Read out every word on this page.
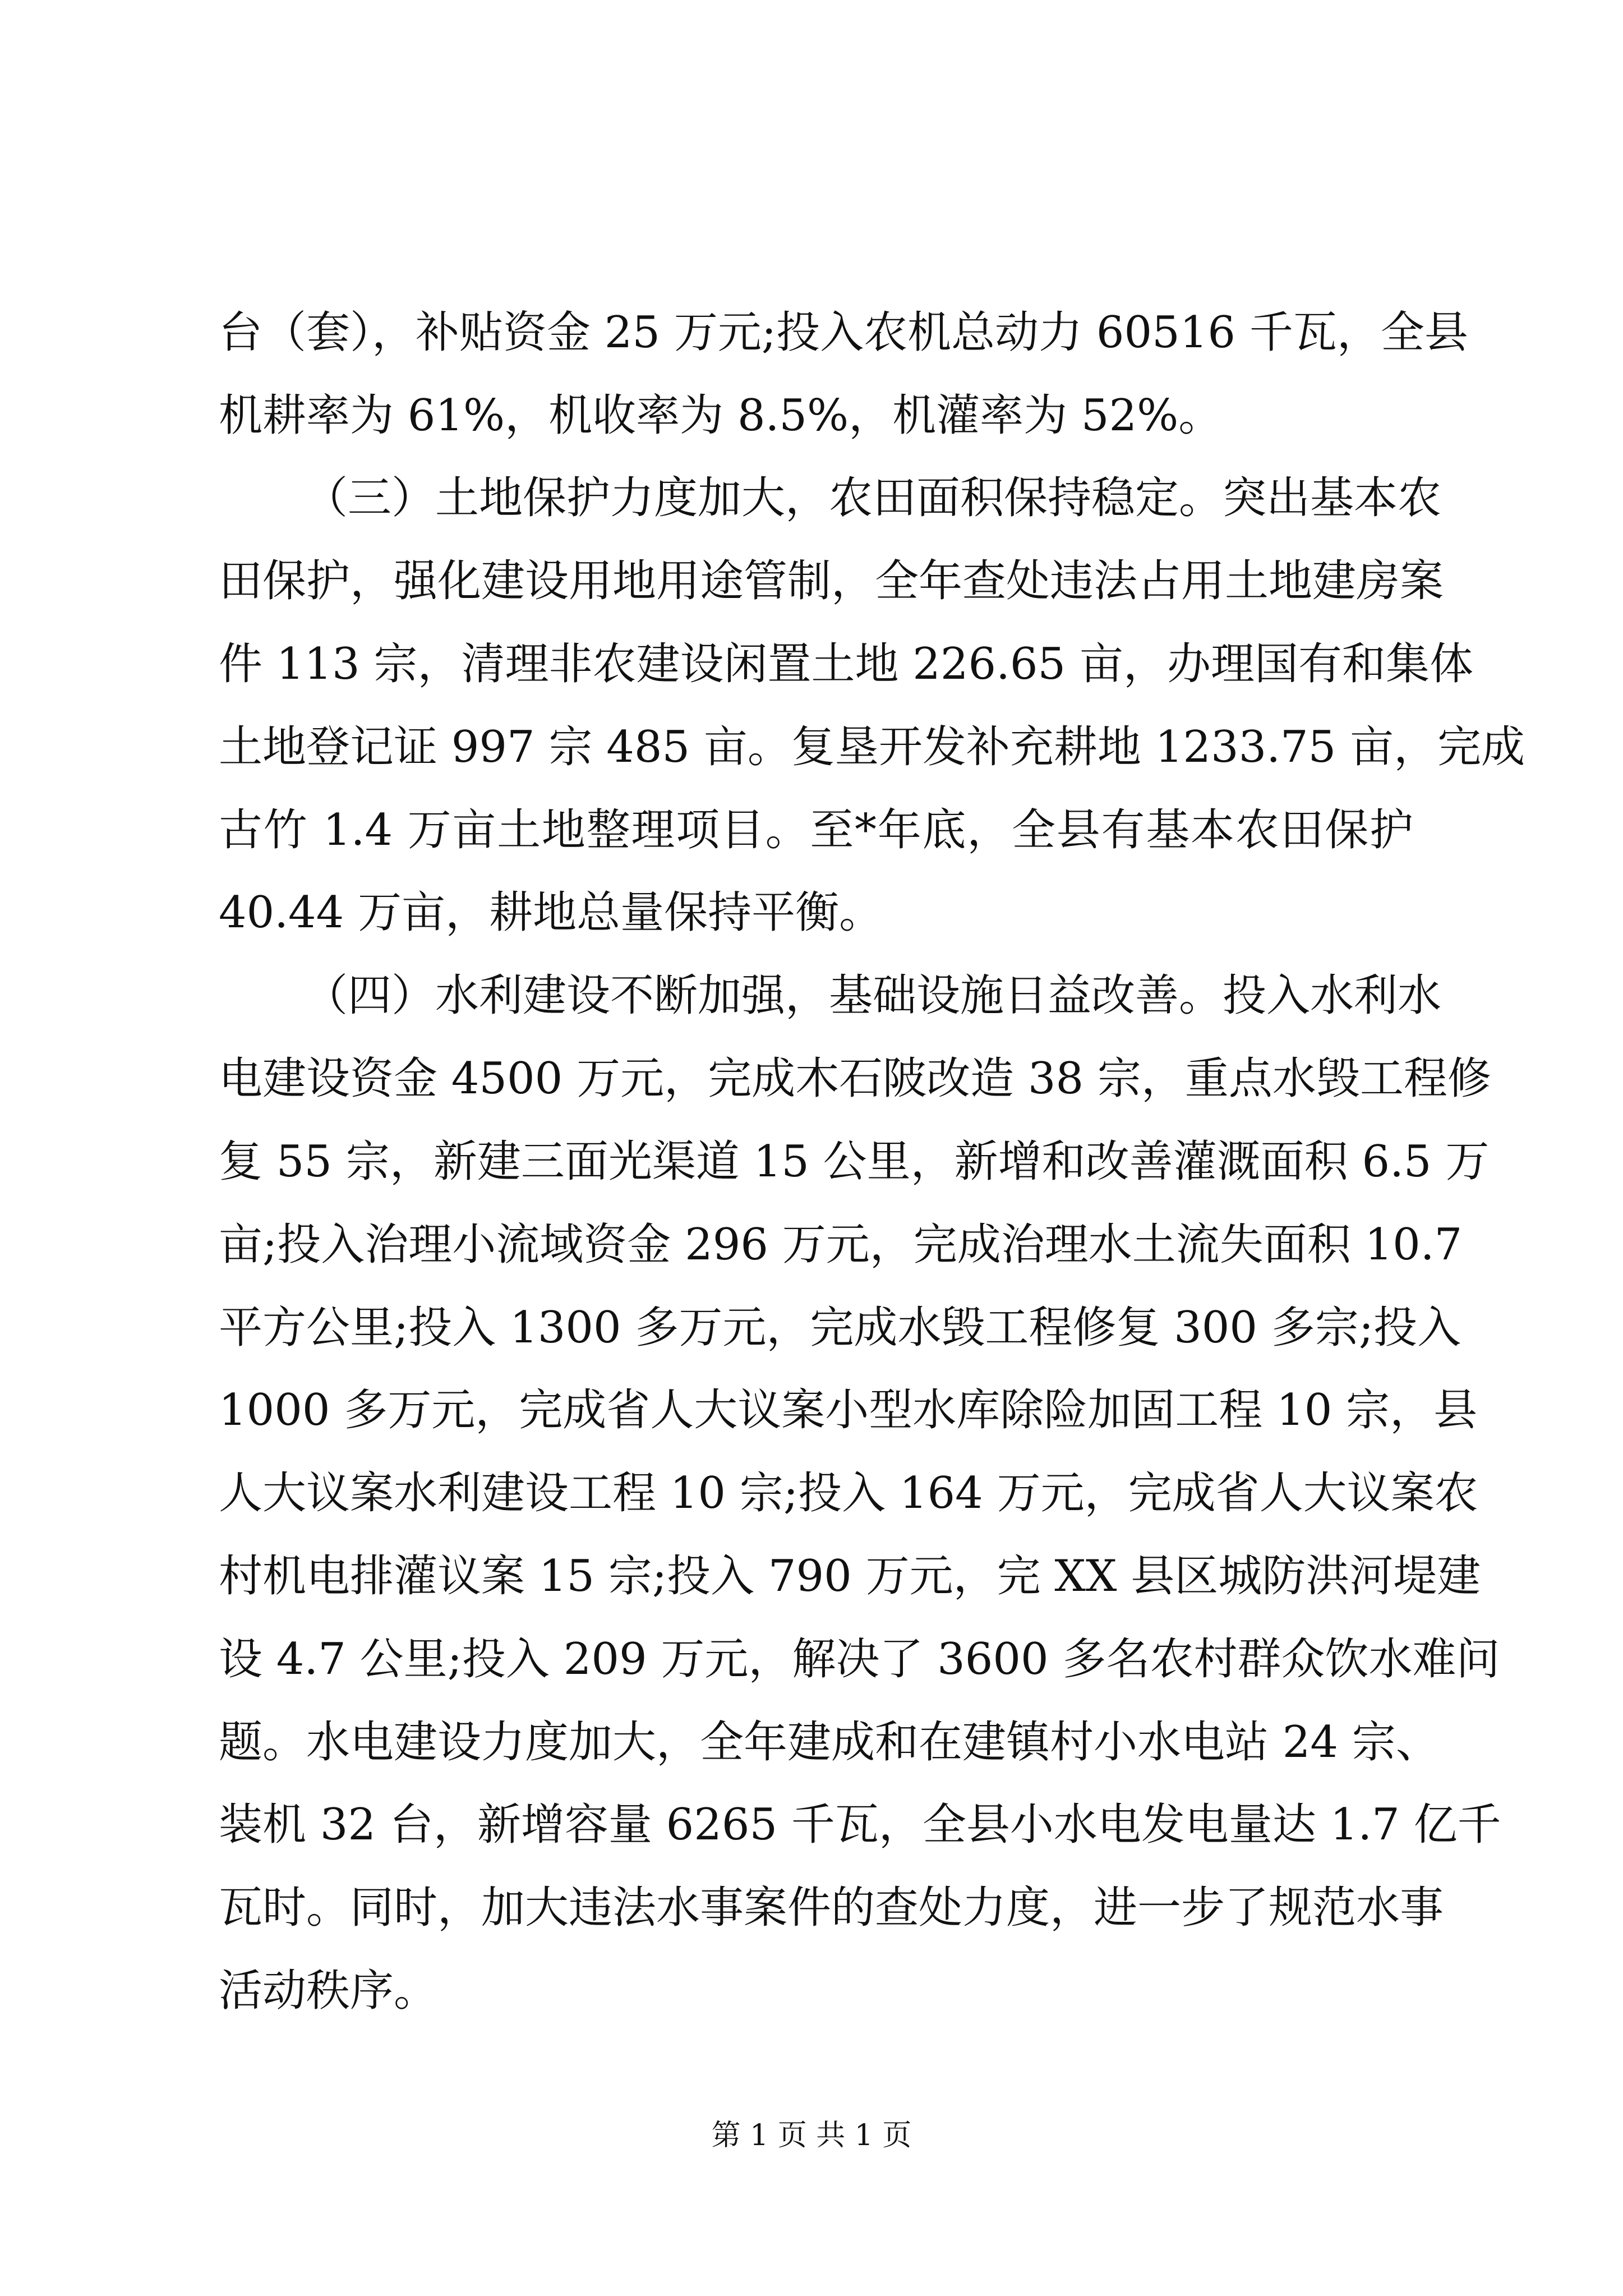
台（套），补贴资金 25 万元;投入农机总动力 60516 千瓦，全县
机耕率为 61%，机收率为 8.5%，机灌率为 52%。
（三）土地保护力度加大，农田面积保持稳定。突出基本农
田保护，强化建设用地用途管制，全年查处违法占用土地建房案
件 113 宗，清理非农建设闲置土地 226.65 亩，办理国有和集体
土地登记证 997 宗 485 亩。复垦开发补充耕地 1233.75 亩，完成
古竹 1.4 万亩土地整理项目。至*年底，全县有基本农田保护
40.44 万亩，耕地总量保持平衡。
（四）水利建设不断加强，基础设施日益改善。投入水利水
电建设资金 4500 万元，完成木石陂改造 38 宗，重点水毁工程修
复 55 宗，新建三面光渠道 15 公里，新增和改善灌溉面积 6.5 万
亩;投入治理小流域资金 296 万元，完成治理水土流失面积 10.7
平方公里;投入 1300 多万元，完成水毁工程修复 300 多宗;投入
1000 多万元，完成省人大议案小型水库除险加固工程 10 宗，县
人大议案水利建设工程 10 宗;投入 164 万元，完成省人大议案农
村机电排灌议案 15 宗;投入 790 万元，完 XX 县区城防洪河堤建
设 4.7 公里;投入 209 万元，解决了 3600 多名农村群众饮水难问
题。水电建设力度加大，全年建成和在建镇村小水电站 24 宗、
装机 32 台，新增容量 6265 千瓦，全县小水电发电量达 1.7 亿千
瓦时。同时，加大违法水事案件的查处力度，进一步了规范水事
活动秩序。
第 1 页 共 1 页
